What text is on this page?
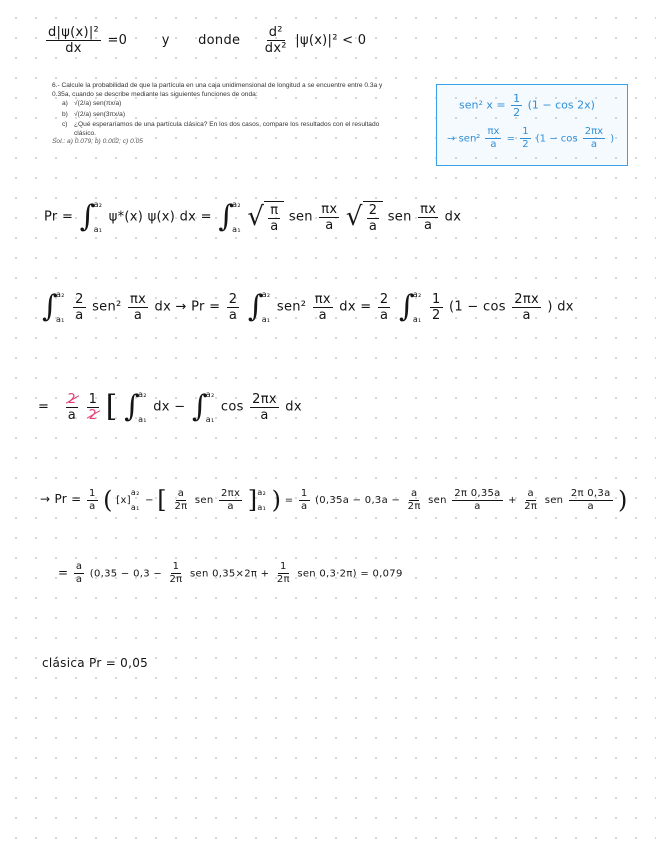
$\frac{\text{d|ψ(x)|²}}{dx} =0$	y donde $\frac{\text{d²}}{\text{dx²}} |\psi(x)|^2 < 0$
6.- Calcule la probabilidad de que la partícula en una caja unidimensional de longitud a se encuentre entre 0.3a y 0.35a, cuando se describe mediante las siguientes funciones de onda:
a) √(2/a) sen(πx/a)
b) √(2/a) sen(3πx/a)
c) ¿Qué esperaríamos de una partícula clásica? En los dos casos, compare los resultados con el resultado clásico.
Sol.: a) 0.079; b) 0.002; c) 0.05
sen² $x = \frac{1}{2} (1 - \cos 2x)$
→ $sen^2 \frac{\pi x}{a} = \frac{1}{2} (1 - \cos \frac{2\pi x}{a}$ )
Pr = ∫
a₂
a₁
ψ*(x) ψ(x) dx = ∫
a₂
a₁
√ $\frac{\pi}{a}$ sen $\frac{\pi x}{a}$
√ $\frac{2}{a}$ sen $\frac{\pi x}{a}$ dx
∫
a₂
a₁
$\frac{2}{a} sen^2 \frac{\pi x}{a}$ dx → $Pr = \frac{2}{a}$
∫
a₂
a₁
$sen^2 \frac{\pi x}{a}$ dx = $\frac{2}{a}$
∫
a₂
a₁
$\frac{1}{2} (1 - \cos \frac{2\pi x}{a}$ ) dx
= $\frac{2}{a}$
$\frac{1}{2}$ [ ∫
a₂
a₁
dx − ∫
a₂
a₁
$\cos \frac{2\pi x}{a}$ dx
→ $Pr = \frac{1}{a}$ ( [x]
a₂
a₁
− [ $\frac{a}{2\pi}$ sen $\frac{2\pi x}{a}$ ] a₂
a₁ ) = $\frac{1}{a} (0,35a - 0,3a - \frac{a}{2\pi}$ sen $\frac{2\pi 0,35a}{a} + \frac{a}{2\pi}$ sen $\frac{2\pi 0,3a}{a}$ )
= $\frac{a}{a} (0,35 - 0,3 - \frac{1}{2\pi}$ sen $0,35\times 2\pi + \frac{1}{2\pi}$ sen 0,3·2π) = 0,079
clásica Pr = 0,05
